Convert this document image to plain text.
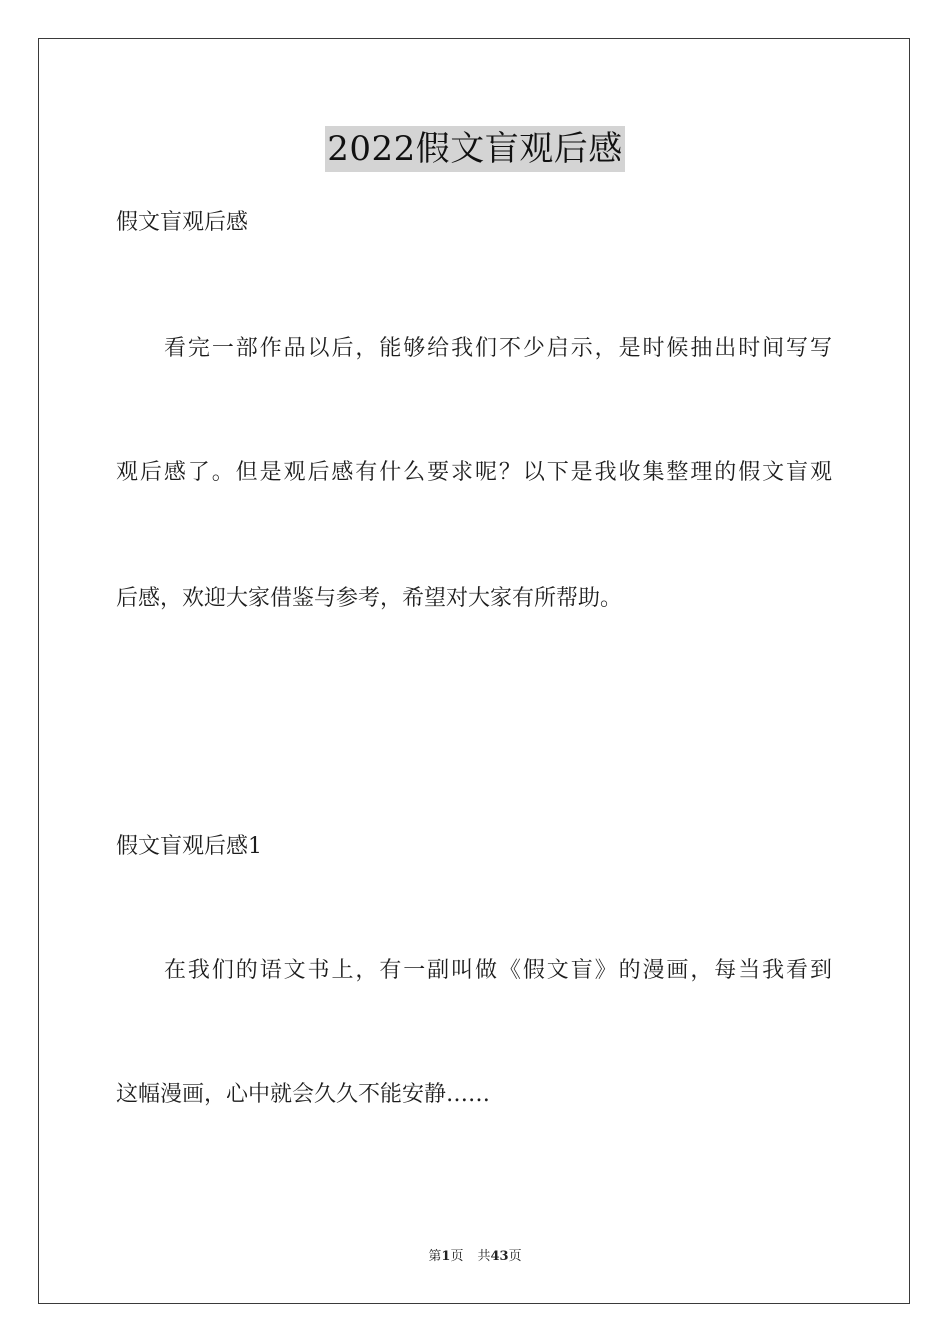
2022假文盲观后感

假文盲观后感

看完一部作品以后，能够给我们不少启示，是时候抽出时间写写

观后感了。但是观后感有什么要求呢？以下是我收集整理的假文盲观

后感，欢迎大家借鉴与参考，希望对大家有所帮助。

假文盲观后感1

在我们的语文书上，有一副叫做《假文盲》的漫画，每当我看到

这幅漫画，心中就会久久不能安静……

第1页 共43页
